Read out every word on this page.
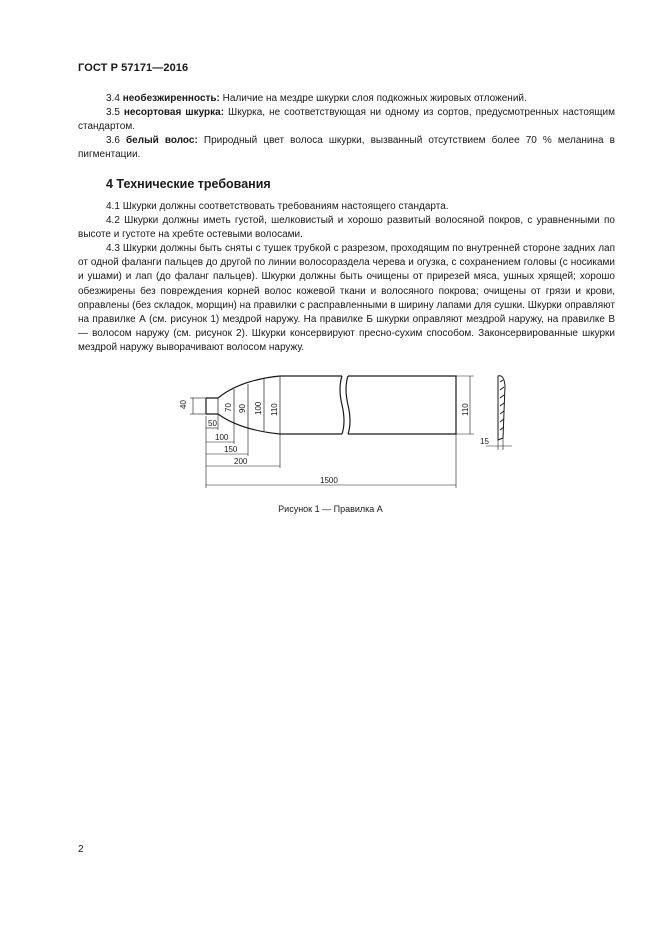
ГОСТ Р 57171—2016

3.4 необезжиренность: Наличие на мездре шкурки слоя подкожных жировых отложений.

3.5 несортовая шкурка: Шкурка, не соответствующая ни одному из сортов, предусмотренных настоящим стандартом.

3.6 белый волос: Природный цвет волоса шкурки, вызванный отсутствием более 70 % меланина в пигментации.

4 Технические требования

4.1 Шкурки должны соответствовать требованиям настоящего стандарта.

4.2 Шкурки должны иметь густой, шелковистый и хорошо развитый волосяной покров, с уравненными по высоте и густоте на хребте остевыми волосами.

4.3 Шкурки должны быть сняты с тушек трубкой с разрезом, проходящим по внутренней стороне задних лап от одной фаланги пальцев до другой по линии волосораздела черева и огузка, с сохранением головы (с носиками и ушами) и лап (до фаланг пальцев). Шкурки должны быть очищены от прирезей мяса, ушных хрящей; хорошо обезжирены без повреждения корней волос кожевой ткани и волосяного покрова; очищены от грязи и крови, оправлены (без складок, морщин) на правилки с расправленными в ширину лапами для сушки. Шкурки оправляют на правилке А (см. рисунок 1) мездрой наружу. На правилке Б шкурки оправляют мездрой наружу, на правилке В — волосом наружу (см. рисунок 2). Шкурки консервируют пресно-сухим способом. Законсервированные шкурки мездрой наружу выворачивают волосом наружу.

40	70 90 100 110	110
50
100
150
200
1500
15
Рисунок 1 — Правилка А
2
